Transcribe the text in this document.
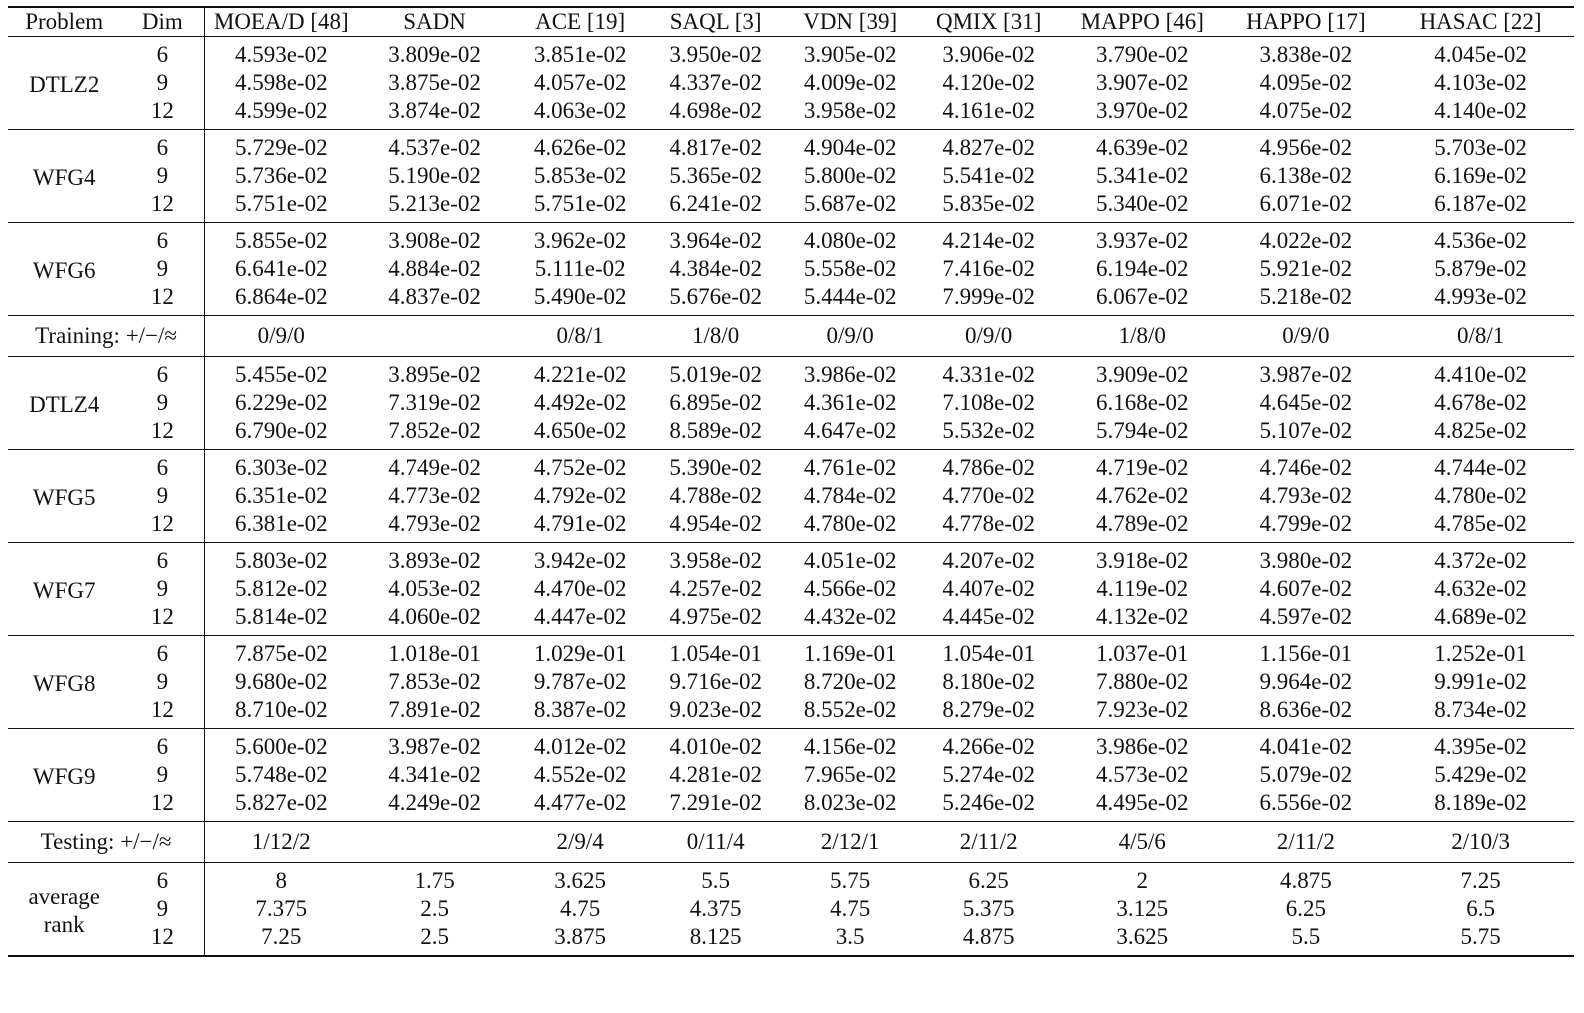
Problem	Dim	MOEA/D [48]	SADN	ACE [19]	SAQL [3]	VDN [39]	QMIX [31]	MAPPO [46]	HAPPO [17]	HASAC [22]
DTLZ2	6	4.593e-02	3.809e-02	3.851e-02	3.950e-02	3.905e-02	3.906e-02	3.790e-02	3.838e-02	4.045e-02
	9	4.598e-02	3.875e-02	4.057e-02	4.337e-02	4.009e-02	4.120e-02	3.907e-02	4.095e-02	4.103e-02
	12	4.599e-02	3.874e-02	4.063e-02	4.698e-02	3.958e-02	4.161e-02	3.970e-02	4.075e-02	4.140e-02
WFG4	6	5.729e-02	4.537e-02	4.626e-02	4.817e-02	4.904e-02	4.827e-02	4.639e-02	4.956e-02	5.703e-02
	9	5.736e-02	5.190e-02	5.853e-02	5.365e-02	5.800e-02	5.541e-02	5.341e-02	6.138e-02	6.169e-02
	12	5.751e-02	5.213e-02	5.751e-02	6.241e-02	5.687e-02	5.835e-02	5.340e-02	6.071e-02	6.187e-02
WFG6	6	5.855e-02	3.908e-02	3.962e-02	3.964e-02	4.080e-02	4.214e-02	3.937e-02	4.022e-02	4.536e-02
	9	6.641e-02	4.884e-02	5.111e-02	4.384e-02	5.558e-02	7.416e-02	6.194e-02	5.921e-02	5.879e-02
	12	6.864e-02	4.837e-02	5.490e-02	5.676e-02	5.444e-02	7.999e-02	6.067e-02	5.218e-02	4.993e-02
Training: +/−/≈		0/9/0		0/8/1	1/8/0	0/9/0	0/9/0	1/8/0	0/9/0	0/8/1
DTLZ4	6	5.455e-02	3.895e-02	4.221e-02	5.019e-02	3.986e-02	4.331e-02	3.909e-02	3.987e-02	4.410e-02
	9	6.229e-02	7.319e-02	4.492e-02	6.895e-02	4.361e-02	7.108e-02	6.168e-02	4.645e-02	4.678e-02
	12	6.790e-02	7.852e-02	4.650e-02	8.589e-02	4.647e-02	5.532e-02	5.794e-02	5.107e-02	4.825e-02
WFG5	6	6.303e-02	4.749e-02	4.752e-02	5.390e-02	4.761e-02	4.786e-02	4.719e-02	4.746e-02	4.744e-02
	9	6.351e-02	4.773e-02	4.792e-02	4.788e-02	4.784e-02	4.770e-02	4.762e-02	4.793e-02	4.780e-02
	12	6.381e-02	4.793e-02	4.791e-02	4.954e-02	4.780e-02	4.778e-02	4.789e-02	4.799e-02	4.785e-02
WFG7	6	5.803e-02	3.893e-02	3.942e-02	3.958e-02	4.051e-02	4.207e-02	3.918e-02	3.980e-02	4.372e-02
	9	5.812e-02	4.053e-02	4.470e-02	4.257e-02	4.566e-02	4.407e-02	4.119e-02	4.607e-02	4.632e-02
	12	5.814e-02	4.060e-02	4.447e-02	4.975e-02	4.432e-02	4.445e-02	4.132e-02	4.597e-02	4.689e-02
WFG8	6	7.875e-02	1.018e-01	1.029e-01	1.054e-01	1.169e-01	1.054e-01	1.037e-01	1.156e-01	1.252e-01
	9	9.680e-02	7.853e-02	9.787e-02	9.716e-02	8.720e-02	8.180e-02	7.880e-02	9.964e-02	9.991e-02
	12	8.710e-02	7.891e-02	8.387e-02	9.023e-02	8.552e-02	8.279e-02	7.923e-02	8.636e-02	8.734e-02
WFG9	6	5.600e-02	3.987e-02	4.012e-02	4.010e-02	4.156e-02	4.266e-02	3.986e-02	4.041e-02	4.395e-02
	9	5.748e-02	4.341e-02	4.552e-02	4.281e-02	7.965e-02	5.274e-02	4.573e-02	5.079e-02	5.429e-02
	12	5.827e-02	4.249e-02	4.477e-02	7.291e-02	8.023e-02	5.246e-02	4.495e-02	6.556e-02	8.189e-02
Testing: +/−/≈		1/12/2		2/9/4	0/11/4	2/12/1	2/11/2	4/5/6	2/11/2	2/10/3

average
rank	6	8	1.75	3.625	5.5	5.75	6.25	2	4.875	7.25
	9	7.375	2.5	4.75	4.375	4.75	5.375	3.125	6.25	6.5
	12	7.25	2.5	3.875	8.125	3.5	4.875	3.625	5.5	5.75
